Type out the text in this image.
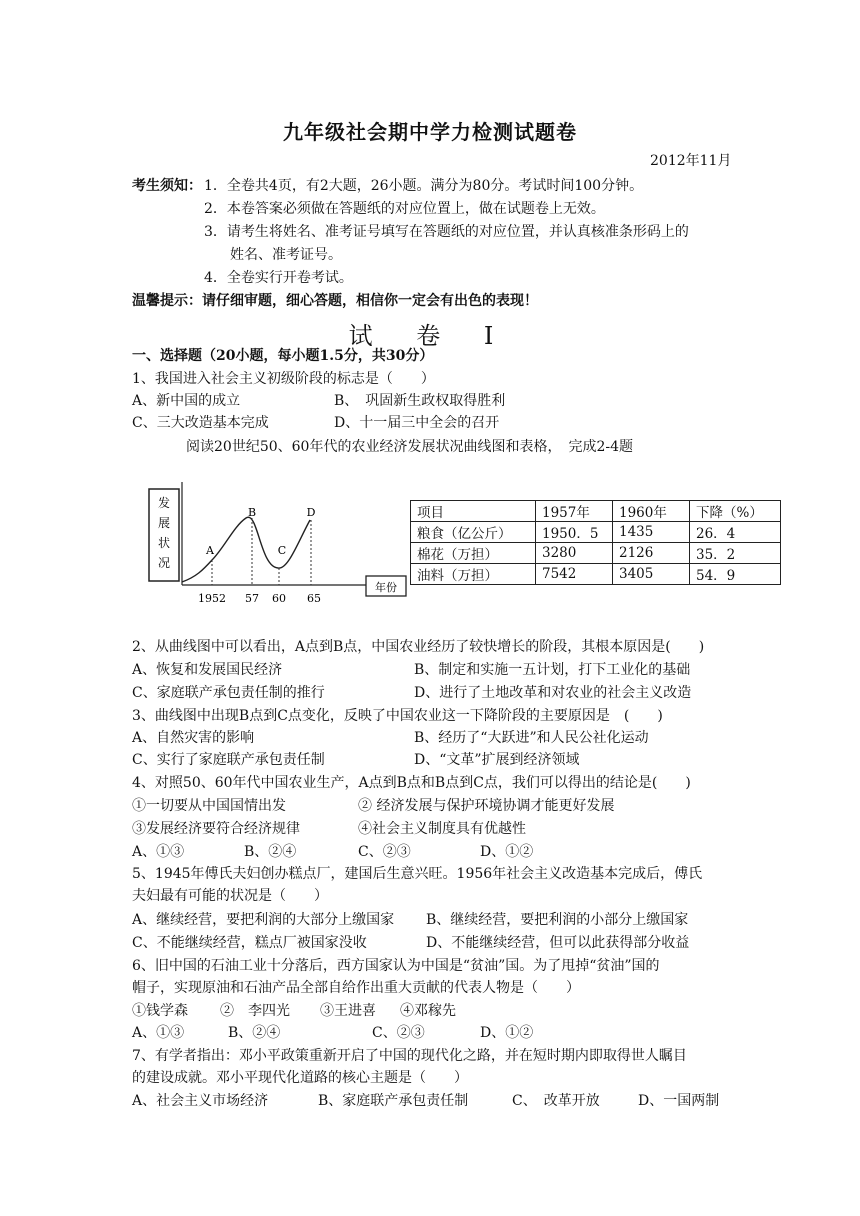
九年级社会期中学力检测试题卷
2012年11月
考生须知： 1．全卷共4页，有2大题，26小题。满分为80分。考试时间100分钟。
2．本卷答案必须做在答题纸的对应位置上，做在试题卷上无效。
3．请考生将姓名、准考证号填写在答题纸的对应位置，并认真核准条形码上的
姓名、准考证号。
4．全卷实行开卷考试。
温馨提示：请仔细审题，细心答题，相信你一定会有出色的表现！
试 卷 Ⅰ
一、选择题（20小题，每小题1.5分，共30分）
1、我国进入社会主义初级阶段的标志是（　　）
A、新中国的成立	B、　巩固新生政权取得胜利
C、三大改造基本完成	D、十一届三中全会的召开
阅读20世纪50、60年代的农业经济发展状况曲线图和表格，　完成2-4题
发
展
状
况
年份
A
B
C
D
1952 57 60 65
项目	1957年	1960年	下降（%）
粮食（亿公斤）	1950．5	1435	26．4
棉花（万担）	3280	2126	35．2
油料（万担）	7542	3405	54．9
2、从曲线图中可以看出，A点到B点，中国农业经历了较快增长的阶段，其根本原因是(　　)
A、恢复和发展国民经济	B、制定和实施一五计划，打下工业化的基础
C、家庭联产承包责任制的推行	D、进行了土地改革和对农业的社会主义改造
3、曲线图中出现B点到C点变化，反映了中国农业这一下降阶段的主要原因是　(　　)
A、自然灾害的影响	B、经历了“大跃进”和人民公社化运动
C、实行了家庭联产承包责任制	D、“文革”扩展到经济领域
4、对照50、60年代中国农业生产，A点到B点和B点到C点，我们可以得出的结论是(　　)
①一切要从中国国情出发	② 经济发展与保护环境协调才能更好发展
③发展经济要符合经济规律	④社会主义制度具有优越性
A、①③	B、②④	C、②③	D、①②
5、1945年傅氏夫妇创办糕点厂，建国后生意兴旺。1956年社会主义改造基本完成后，傅氏
夫妇最有可能的状况是（　　）
A、继续经营，要把利润的大部分上缴国家 B、继续经营，要把利润的小部分上缴国家
C、不能继续经营，糕点厂被国家没收	D、不能继续经营，但可以此获得部分收益
6、旧中国的石油工业十分落后，西方国家认为中国是“贫油”国。为了甩掉“贫油”国的
帽子，实现原油和石油产品全部自给作出重大贡献的代表人物是（　　）
①钱学森 ②　李四光 ③王进喜 ④邓稼先
A、①③	B、②④	C、②③	D、①②
7、有学者指出：邓小平政策重新开启了中国的现代化之路，并在短时期内即取得世人瞩目
的建设成就。邓小平现代化道路的核心主题是（　　）
A、社会主义市场经济	B、家庭联产承包责任制	C、　改革开放	D、一国两制
